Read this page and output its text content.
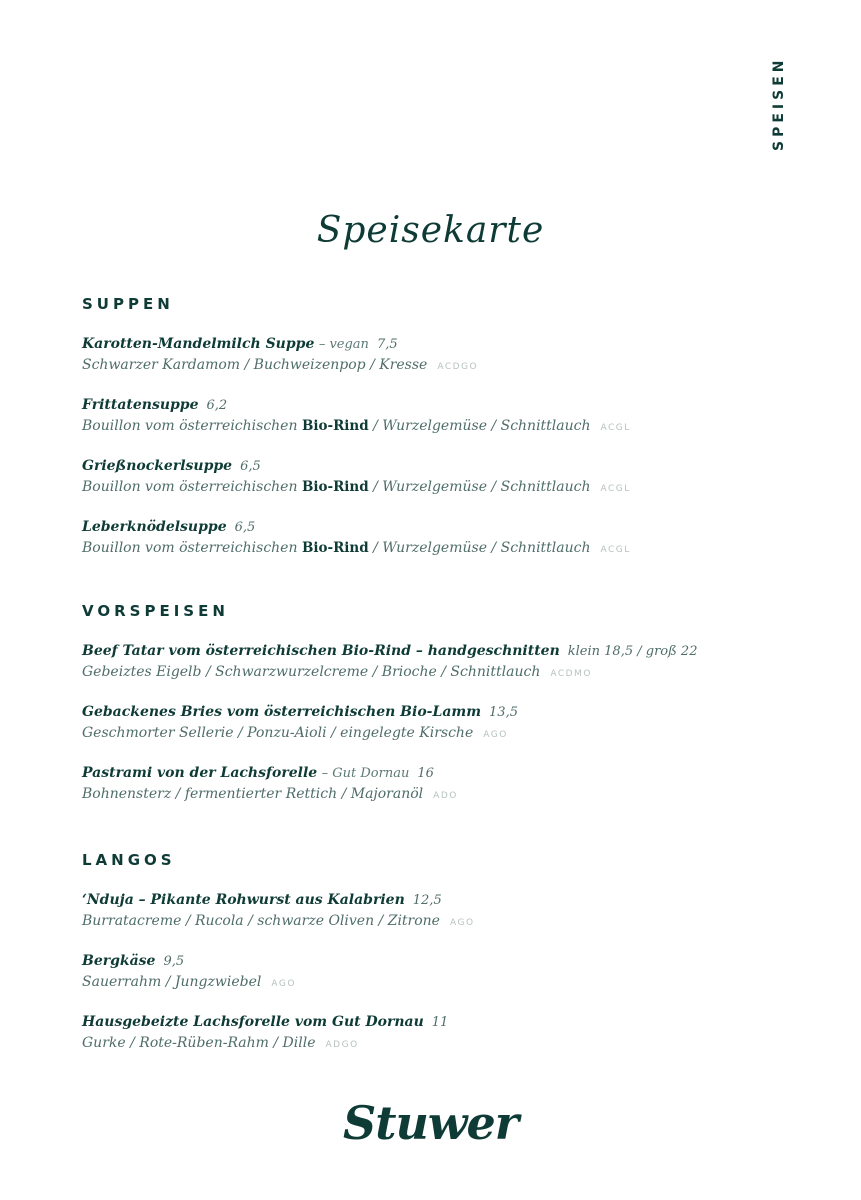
SPEISEN
Speisekarte
SUPPEN
Karotten-Mandelmilch Suppe – vegan 7,5
Schwarzer Kardamom / Buchweizenpop / Kresse ACDGO
Frittatensuppe 6,2
Bouillon vom österreichischen Bio-Rind / Wurzelgemüse / Schnittlauch ACGL
Grießnockerlsuppe 6,5
Bouillon vom österreichischen Bio-Rind / Wurzelgemüse / Schnittlauch ACGL
Leberknödelsuppe 6,5
Bouillon vom österreichischen Bio-Rind / Wurzelgemüse / Schnittlauch ACGL
VORSPEISEN
Beef Tatar vom österreichischen Bio-Rind – handgeschnitten klein 18,5 / groß 22
Gebeiztes Eigelb / Schwarzwurzelcreme / Brioche / Schnittlauch ACDMO
Gebackenes Bries vom österreichischen Bio-Lamm 13,5
Geschmorter Sellerie / Ponzu-Aioli / eingelegte Kirsche AGO
Pastrami von der Lachsforelle – Gut Dornau 16
Bohnensterz / fermentierter Rettich / Majoranöl ADO
LANGOS
‘Nduja – Pikante Rohwurst aus Kalabrien 12,5
Burratacreme / Rucola / schwarze Oliven / Zitrone AGO
Bergkäse 9,5
Sauerrahm / Jungzwiebel AGO
Hausgebeizte Lachsforelle vom Gut Dornau 11
Gurke / Rote-Rüben-Rahm / Dille ADGO
Stuwer
